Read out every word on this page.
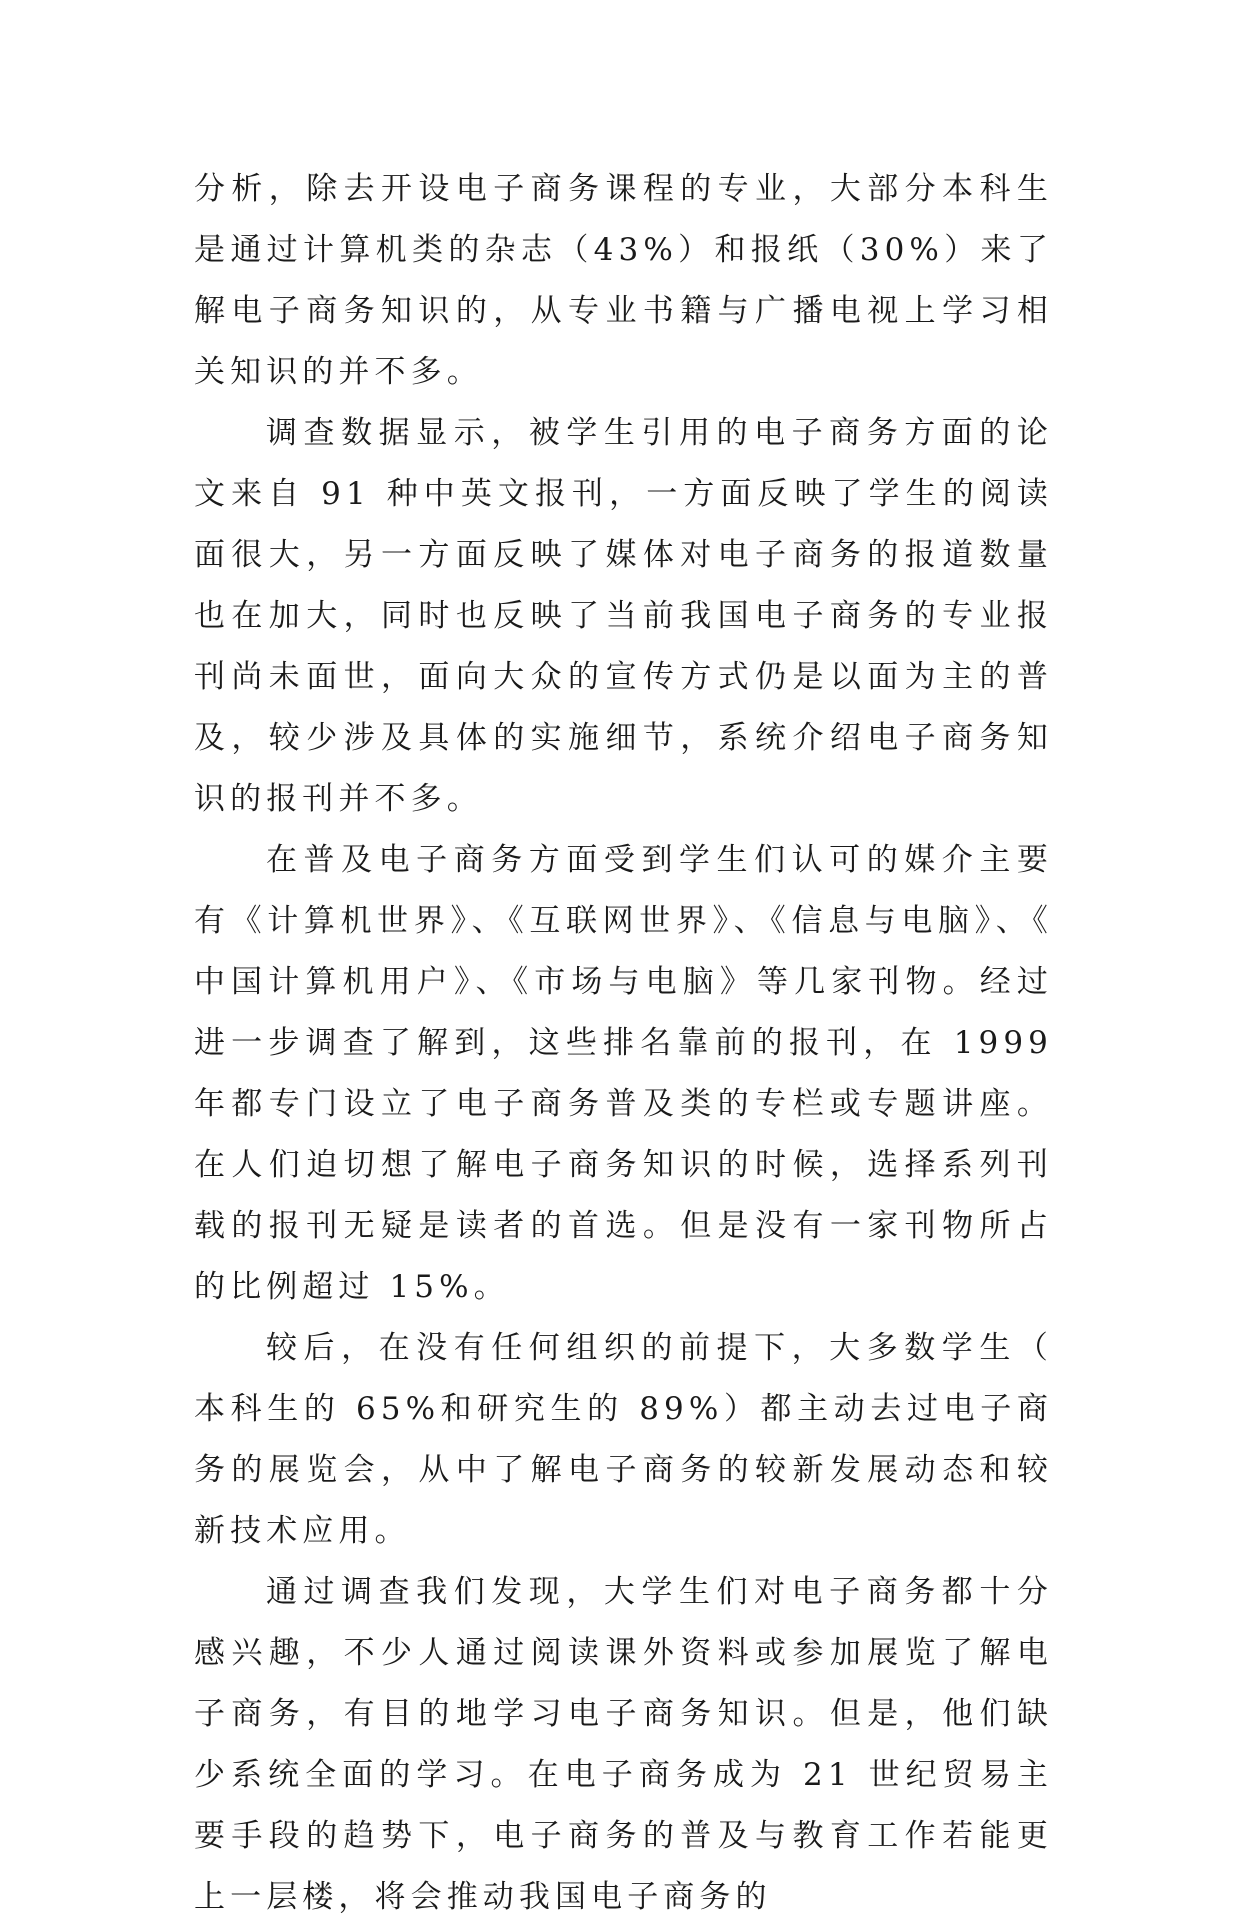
分析，除去开设电子商务课程的专业，大部分本科生是通过计算机类的杂志（43%）和报纸（30%）来了解电子商务知识的，从专业书籍与广播电视上学习相关知识的并不多。

调查数据显示，被学生引用的电子商务方面的论文来自 91 种中英文报刊，一方面反映了学生的阅读面很大，另一方面反映了媒体对电子商务的报道数量也在加大，同时也反映了当前我国电子商务的专业报刊尚未面世，面向大众的宣传方式仍是以面为主的普及，较少涉及具体的实施细节，系统介绍电子商务知识的报刊并不多。

在普及电子商务方面受到学生们认可的媒介主要有《计算机世界》、《互联网世界》、《信息与电脑》、《中国计算机用户》、《市场与电脑》等几家刊物。经过进一步调查了解到，这些排名靠前的报刊，在 1999 年都专门设立了电子商务普及类的专栏或专题讲座。在人们迫切想了解电子商务知识的时候，选择系列刊载的报刊无疑是读者的首选。但是没有一家刊物所占的比例超过 15%。

较后，在没有任何组织的前提下，大多数学生（本科生的 65%和研究生的 89%）都主动去过电子商务的展览会，从中了解电子商务的较新发展动态和较新技术应用。

通过调查我们发现，大学生们对电子商务都十分感兴趣，不少人通过阅读课外资料或参加展览了解电子商务，有目的地学习电子商务知识。但是，他们缺少系统全面的学习。在电子商务成为 21 世纪贸易主要手段的趋势下，电子商务的普及与教育工作若能更上一层楼，将会推动我国电子商务的
